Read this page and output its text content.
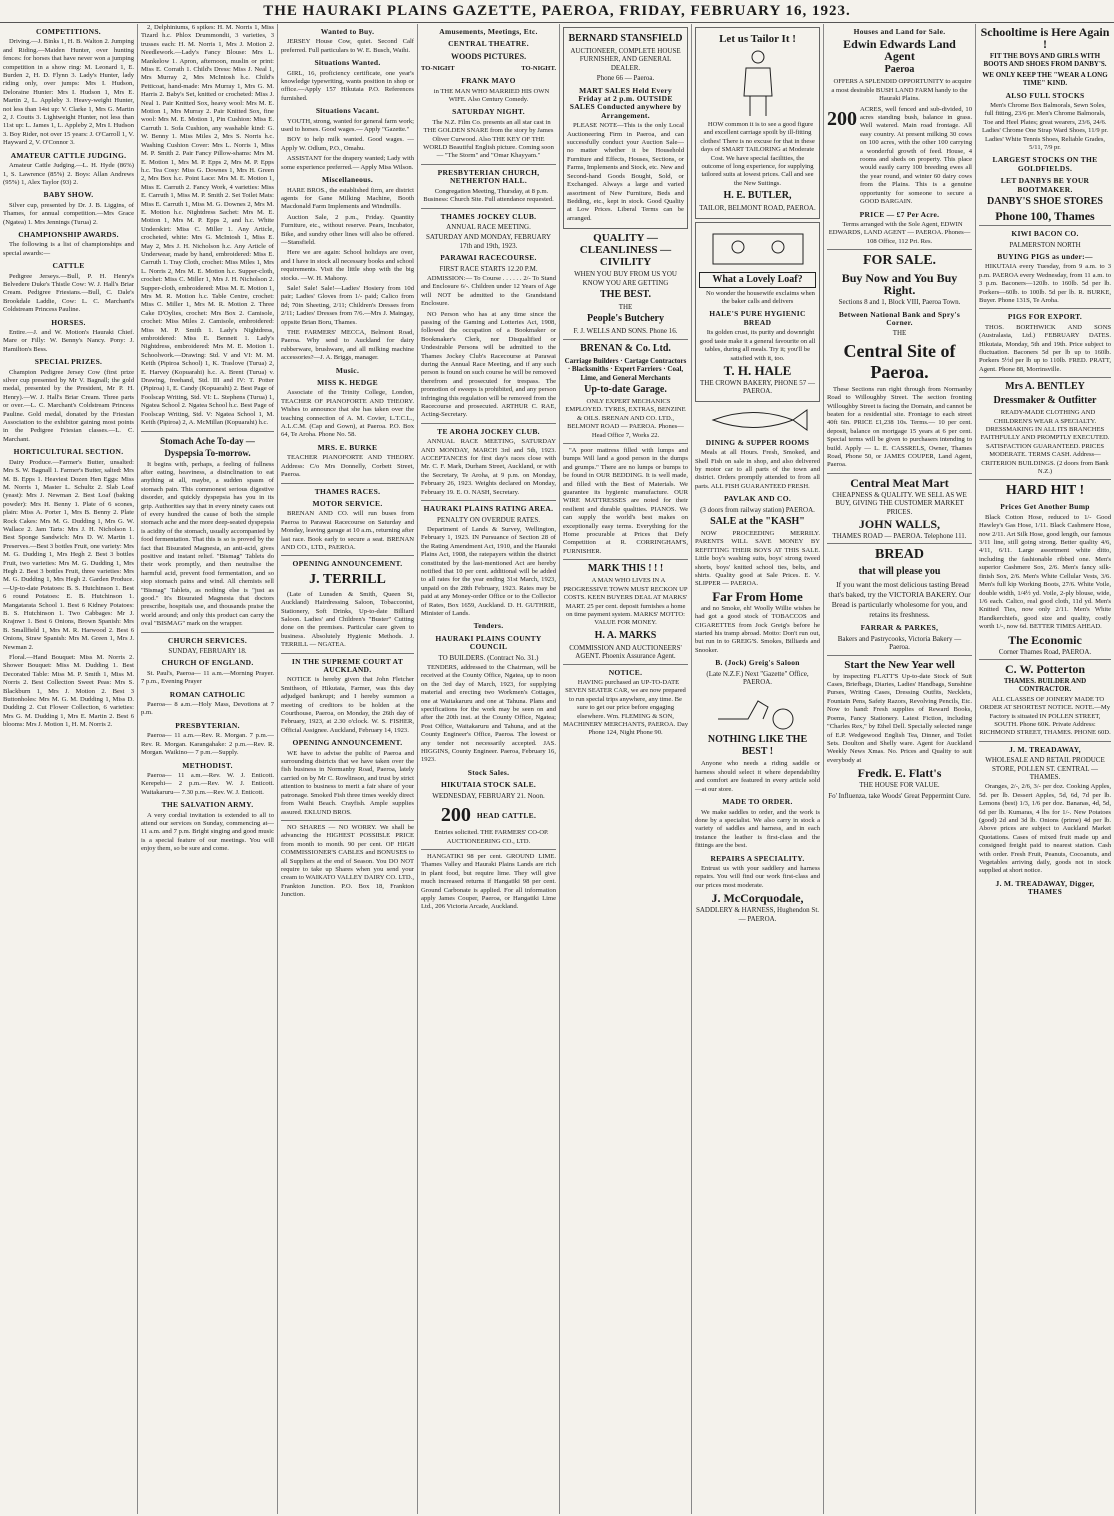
THE HAURAKI PLAINS GAZETTE, PAEROA, FRIDAY, FEBRUARY 16, 1923.
COMPETITIONS.

Driving.—J. Binks 1, H. B. Walton 2. Jumping and Riding.—Maiden Hunter, over hunting fences: for horses that have never won a jumping competition in a show ring: M. Leonard 1, E. Burden 2, H. D. Flynn 3. Lady's Hunter, lady riding only, over jumps: Mrs I. Hudson, Deloraine Hunter: Mrs I. Hudson 1, Mrs E. Martin 2, L. Appleby 3. Heavy-weight Hunter, not less than 14st up: V. Clarke 1, Mrs G. Martin 2, J. Coutts 3. Lightweight Hunter, not less than 11st up: L. James 1, L. Appleby 2, Mrs I. Hudson 3. Boy Rider, not over 15 years: J. O'Carroll 1, V. Hayward 2, V. O'Connor 3.

AMATEUR CATTLE JUDGING.

Amateur Cattle Judging.—L. H. Hyde (86%) 1, S. Lawrence (85%) 2. Boys: Allan Andrews (95%) 1, Alex Taylor (93) 2.

BABY SHOW.

Silver cup, presented by Dr. J. B. Liggins, of Thames, for annual competition.—Mrs Grace (Ngatea) 1. Mrs Jennings (Turua) 2.

CHAMPIONSHIP AWARDS.

The following is a list of championships and special awards:—

CATTLE

Pedigree Jerseys.—Bull, P. H. Henry's Belvedere Duke's Thistle Cow: W. J. Hall's Briar Cream. Pedigree Friesians.—Bull, C. Dale's Brookdale Laddie, Cow: L. C. Marchant's Coldstream Princess Pauline.

HORSES.

Entire.—J. and W. Motion's Hauraki Chief. Mare or Filly: W. Benny's Nancy. Pony: J. Hamilton's Bess.

SPECIAL PRIZES.

Champion Pedigree Jersey Cow (first prize silver cup presented by Mr V. Bagnall; the gold medal, presented by the President, Mr P. H. Henry).—W. J. Hall's Briar Cream. Three parts or over.—L. C. Marchant's Coldstream Princess Pauline. Gold medal, donated by the Friesian Association to the exhibitor gaining most points in the Pedigree Friesian classes.—L. C. Marchant.

HORTICULTURAL SECTION.

Dairy Produce.—Farmer's Butter, unsalted: Mrs S. W. Bagnall 1. Farmer's Butter, salted: Mrs M. B. Epps 1. Heaviest Dozen Hen Eggs: Miss M. Norris 1, Master L. Schultz 2. Slab Loaf (yeast): Mrs J. Newman 2. Best Loaf (baking powder): Mrs H. Benny 1. Plate of 6 scones, plain: Miss A. Porter 1, Mrs B. Benny 2. Plate Rock Cakes: Mrs M. G. Dudding 1, Mrs G. W. Wallace 2. Jam Tarts: Mrs J. H. Nicholson 1. Best Sponge Sandwich: Mrs D. W. Martin 1. Preserves.—Best 3 bottles Fruit, one variety: Mrs M. G. Dudding 1, Mrs Hegh 2. Best 3 bottles Fruit, two varieties: Mrs M. G. Dudding 1, Mrs Hegh 2. Best 3 bottles Fruit, three varieties: Mrs M. G. Dudding 1, Mrs Hegh 2. Garden Produce.—Up-to-date Potatoes: B. S. Hutchinson 1. Best 6 round Potatoes: E. B. Hutchinson 1. Mangatarata School 1. Best 6 Kidney Potatoes: B. S. Hutchinson 1. Two Cabbages: Mr J. Krajnwr 1. Best 6 Onions, Brown Spanish: Mrs B. Smallfield 1, Mrs M. R. Harwood 2. Best 6 Onions, Straw Spanish: Mrs M. Green 1, Mrs J. Newman 2.

Floral.—Hand Bouquet: Miss M. Norris 2. Shower Bouquet: Miss M. Dudding 1. Best Decorated Table: Miss M. P. Smith 1, Miss M. Norris 2. Best Collection Sweet Peas: Mrs S. Blackburn 1, Mrs J. Motion 2. Best 3 Buttonholes: Mrs M. G. M. Dudding 1, Miss D. Dudding 2. Cut Flower Collection, 6 varieties: Mrs G. M. Dudding 1, Mrs E. Martin 2. Best 6 blooms: Mrs J. Motion 1, H. M. Norris 2.

2, Delphiniums, 6 spikes: H. M. Norris 1, Miss Tizard h.c. Phlox Drummondii, 3 varieties, 3 trusses each: H. M. Norris 1, Mrs J. Motion 2. Needlework.—Lady's Fancy Blouse: Mrs L. Mankelow 1. Apron, afternoon, muslin or print: Miss E. Corrath 1. Child's Dress: Miss J. Neal 1, Mrs Murray 2, Mrs McIntosh h.c. Child's Petticoat, hand-made: Mrs Murray 1, Mrs G. M. Harris 2. Baby's Set, knitted or crocheted: Miss J. Neal 1. Pair Knitted Sox, heavy wool: Mrs M. E. Motion 1, Mrs Murray 2. Pair Knitted Sox, fine wool: Mrs M. E. Motion 1, Pin Cushion: Miss E. Carruth 1. Sofa Cushion, any washable kind: G. W. Benny 1. Miss Miles 2, Mrs S. Norris h.c. Washing Cushion Cover: Mrs L. Norris 1, Miss M. P. Smith 2. Pair Fancy Pillow-shams: Mrs M. E. Motion 1, Mrs M. P. Epps 2, Mrs M. P. Epps h.c. Tea Cosy: Miss G. Downes 1, Mrs H. Green 2, Mrs Box h.c. Point Lace: Mrs M. E. Motion 1, Miss E. Carruth 2. Fancy Work, 4 varieties: Miss E. Carruth 1, Miss M. P. Smith 2. Set Toilet Mats: Miss E. Carruth 1, Miss M. G. Downes 2, Mrs M. E. Motion h.c. Nightdress Sachet: Mrs M. E. Motion 1, Mrs M. P. Epps 2, and h.c. White Underskirt: Miss C. Miller 1. Any Article, crocheted, white: Mrs G. McIntosh 1, Miss E. May 2, Mrs J. H. Nicholson h.c. Any Article of Underwear, made by hand, embroidered: Miss E. Carruth 1. Tray Cloth, crochet: Miss Miles 1, Mrs L. Norris 2, Mrs M. E. Motion h.c. Supper-cloth, crochet: Miss C. Miller 1, Mrs J. H. Nicholson 2. Supper-cloth, embroidered: Miss M. E. Motion 1, Mrs M. R. Motion h.c. Table Centre, crochet: Miss C. Miller 1, Mrs M. R. Motion 2. Three Cake D'Oylies, crochet: Mrs Box 2. Camisole, crochet: Miss Miles 2. Camisole, embroidered: Miss M. P. Smith 1. Lady's Nightdress, embroidered: Miss E. Bennett 1. Lady's Nightdress, embroidered: Mrs M. E. Motion 1. Schoolwork.—Drawing: Std. V and VI: M. M. Keith (Pipiroa School) 1, K. Traslove (Turua) 2, E. Harvey (Kopuarahi) h.c. A. Brent (Turua) v. Drawing, freehand, Std. III and IV: T. Potter (Pipiroa) 1, E. Candy (Kopuarahi) 2. Best Page of Foolscap Writing, Std. VI: L. Stephens (Turua) 1, Ngatea School 2. Ngatea School h.c. Best Page of Foolscap Writing, Std. V: Ngatea School 1, M. Keith (Pipiroa) 2, A. McMillan (Kopuarahi) h.c.

Stomach Ache To-day — Dyspepsia To-morrow.

It begins with, perhaps, a feeling of fullness after eating, heaviness, a disinclination to eat anything at all, maybe, a sudden spasm of stomach pain. This commonest serious digestive disorder, and quickly dyspepsia has you in its grip. Authorities say that in every ninety cases out of every hundred the cause of both the simple stomach ache and the more deep-seated dyspepsia is acidity of the stomach, usually accompanied by food fermentation. That this is so is proved by the fact that Bisurated Magnesia, an anti-acid, gives positive and instant relief. "Bismag" Tablets do their work promptly, and then neutralise the harmful acid, prevent food fermentation, and so stop stomach pains and wind. All chemists sell "Bismag" Tablets, as nothing else is "just as good." It's Bisurated Magnesia that doctors prescribe, hospitals use, and thousands praise the world around; and only this product can carry the oval "BISMAG" mark on the wrapper.

CHURCH SERVICES.
SUNDAY, FEBRUARY 18.
CHURCH OF ENGLAND.

St. Paul's, Paeroa— 11 a.m.—Morning Prayer. 7 p.m., Evening Prayer

ROMAN CATHOLIC

Paeroa— 8 a.m.—Holy Mass, Devotions at 7 p.m.

PRESBYTERIAN.

Paeroa— 11 a.m.—Rev. R. Morgan. 7 p.m.—Rev. R. Morgan. Karangahake: 2 p.m.—Rev. R. Morgan. Waikino— 7 p.m.—Supply.

METHODIST.

Paeroa— 11 a.m.—Rev. W. J. Enticott. Kerepehi— 2 p.m.—Rev. W. J. Enticott. Waitakaruru— 7.30 p.m.—Rev. W. J. Enticott.

THE SALVATION ARMY.

A very cordial invitation is extended to all to attend our services on Sunday, commencing at— 11 a.m. and 7 p.m. Bright singing and good music is a special feature of our meetings. You will enjoy them, so be sure and come.

Wanted to Buy.

JERSEY House Cow, quiet. Second Calf preferred. Full particulars to W. E. Busch, Waihi.

Situations Wanted.

GIRL, 16, proficiency certificate, one year's knowledge typewriting, wants position in shop or office.—Apply 157 Hikutaia P.O. References furnished.

Situations Vacant.

YOUTH, strong, wanted for general farm work; used to horses. Good wages.— Apply "Gazette."

BOY to help milk wanted. Good wages. — Apply W. Odlum, P.O., Omahu.

ASSISTANT for the drapery wanted; Lady with some experience preferred.— Apply Miss Wilson.

Miscellaneous.

HARE BROS., the established firm, are district agents for Gane Milking Machine, Booth Macdonald Farm Implements and Windmills.

Auction Sale, 2 p.m., Friday. Quantity Furniture, etc., without reserve. Pears, Incubator, Bike, and sundry other lines will also be offered.—Stansfield.

Here we are again: School holidays are over, and I have in stock all necessary books and school requirements. Visit the little shop with the big stocks. —W. H. Mahony.

Sale! Sale! Sale!—Ladies' Hosiery from 10d pair; Ladies' Gloves from 1/- paid; Calico from 8d; 70in Sheeting, 2/11; Children's Dresses from 2/11; Ladies' Dresses from 7/6.—Mrs J. Maingay, oppsite Brian Boru, Thames.

THE FARMERS' MECCA, Belmont Road, Paeroa. Why send to Auckland for dairy rubberware, brushware, and all milking machine accessories?—J. A. Briggs, manager.

Music.
MISS K. HEDGE

Associate of the Trinity College, London, TEACHER OF PIANOFORTE AND THEORY. Wishes to announce that she has taken over the teaching connection of A. M. Covier, L.T.C.L., A.L.C.M. (Cap and Gown), at Paeroa. P.O. Box 64, Te Aroha. Phone No. 58.

MRS. E. BURKE

TEACHER PIANOFORTE AND THEORY. Address: C/o Mrs Donnelly, Corbett Street, Paeroa.

THAMES RACES.
MOTOR SERVICE.

BRENAN AND CO. will run buses from Paeroa to Parawai Racecourse on Saturday and Monday, leaving garage at 10 a.m., returning after last race. Book early to secure a seat. BRENAN AND CO., LTD., PAEROA.

OPENING ANNOUNCEMENT.
J. TERRILL

(Late of Lunsden & Smith, Queen St, Auckland) Hairdressing Saloon, Tobacconist, Stationery, Soft Drinks, Up-to-date Billiard Saloon. Ladies' and Children's "Buster" Cutting done on the premises. Particular care given to business. Absolutely Hygienic Methods. J. TERRILL — NGATEA.

IN THE SUPREME COURT AT AUCKLAND.

NOTICE is hereby given that John Fletcher Smithson, of Hikutaia, Farmer, was this day adjudged bankrupt; and I hereby summon a meeting of creditors to be holden at the Courthouse, Paeroa, on Monday, the 26th day of February, 1923, at 2.30 o'clock. W. S. FISHER, Official Assignee. Auckland, February 14, 1923.

OPENING ANNOUNCEMENT.

WE have to advise the public of Paeroa and surrounding districts that we have taken over the fish business in Normanby Road, Paeroa, lately carried on by Mr C. Rowlinson, and trust by strict attention to business to merit a fair share of your patronage. Smoked Fish three times weekly direct from Waihi Beach. Crayfish. Ample supplies assured. EKLUND BROS.

NO SHARES — NO WORRY. We shall be advancing the HIGHEST POSSIBLE PRICE from month to month. 90 per cent. OF HIGH COMMISSIONER'S CABLES and BONUSES to all Suppliers at the end of Season. You DO NOT require to take up Shares when you send your cream to WAIKATO VALLEY DAIRY CO. LTD., Frankton Junction. P.O. Box 18, Frankton Junction.

Amusements, Meetings, Etc.
CENTRAL THEATRE.
WOODS PICTURES.
TO-NIGHT	TO-NIGHT.
FRANK MAYO

in THE MAN WHO MARRIED HIS OWN WIFE. Also Century Comedy.

SATURDAY NIGHT.

The N.Z. Film Co. presents an all star cast in THE GOLDEN SNARE from the story by James Oliver Curwood. Also THE KEY OF THE WORLD Beautiful English picture. Coming soon — "The Storm" and "Omar Khayyam."

PRESBYTERIAN CHURCH, NETHERTON HALL.

Congregation Meeting, Thursday, at 8 p.m. Business: Church Site. Full attendance requested.

THAMES JOCKEY CLUB.
ANNUAL RACE MEETING.
SATURDAY AND MONDAY, FEBRUARY 17th and 19th, 1923.
PARAWAI RACECOURSE.
FIRST RACE STARTS 12.20 P.M.

ADMISSION:— To Course . . . . . . 2/- To Stand and Enclosure 6/-. Children under 12 Years of Age will NOT be admitted to the Grandstand Enclosure.

NO Person who has at any time since the passing of the Gaming and Lotteries Act, 1908, followed the occupation of a Bookmaker or Bookmaker's Clerk, nor Disqualified or Undesirable Persons will be admitted to the Thames Jockey Club's Racecourse at Parawai during the Annual Race Meeting, and if any such person is found on such course he will be removed therefrom and prosecuted for trespass. The promotion of sweeps is prohibited, and any person infringing this regulation will be removed from the Racecourse and prosecuted. ARTHUR C. RAE, Acting-Secretary.

TE AROHA JOCKEY CLUB.

ANNUAL RACE MEETING, SATURDAY AND MONDAY, MARCH 3rd and 5th, 1923. ACCEPTANCES for first day's races close with Mr. C. F. Mark, Durham Street, Auckland, or with the Secretary, Te Aroha, at 9 p.m. on Monday, February 26, 1923. Weights declared on Monday, February 19. E. O. NASH, Secretary.

HAURAKI PLAINS RATING AREA.
PENALTY ON OVERDUE RATES.

Department of Lands & Survey, Wellington, February 1, 1923. IN Pursuance of Section 28 of the Rating Amendment Act, 1910, and the Hauraki Plains Act, 1908, the ratepayers within the district constituted by the last-mentioned Act are hereby notified that 10 per cent. additional will be added to all rates for the year ending 31st March, 1923, unpaid on the 28th February, 1923. Rates may be paid at any Money-order Office or to the Collector of Rates, Box 1659, Auckland. D. H. GUTHRIE, Minister of Lands.

Tenders.
HAURAKI PLAINS COUNTY COUNCIL
TO BUILDERS. (Contract No. 31.)

TENDERS, addressed to the Chairman, will be received at the County Office, Ngatea, up to noon on the 3rd day of March, 1923, for supplying material and erecting two Workmen's Cottages, one at Waitakaruru and one at Tahuna. Plans and specifications for the work may be seen on and after the 20th inst. at the County Office, Ngatea; Post Office, Waitakaruru and Tahuna, and at the County Engineer's Office, Paeroa. The lowest or any tender not necessarily accepted. JAS. HIGGINS, County Engineer. Paeroa, February 16, 1923.

Stock Sales.
HIKUTAIA STOCK SALE.
WEDNESDAY, FEBRUARY 21. Noon.
200 HEAD CATTLE.

Entries solicited. THE FARMERS' CO-OP. AUCTIONEERING CO., LTD.

HANGATIKI 98 per cent. GROUND LIME. Thames Valley and Hauraki Plains Lands are rich in plant food, but require lime. They will give much increased returns if Hangatiki 98 per cent. Ground Carbonate is applied. For all information apply James Couper, Paeroa, or Hangatiki Lime Ltd., 206 Victoria Arcade, Auckland.

BERNARD STANSFIELD
AUCTIONEER, COMPLETE HOUSE FURNISHER, AND GENERAL DEALER.
Phone 66 — Paeroa.
MART SALES Held Every Friday at 2 p.m. OUTSIDE SALES Conducted anywhere by Arrangement.

PLEASE NOTE—This is the only Local Auctioneering Firm in Paeroa, and can successfully conduct your Auction Sale—no matter whether it be Household Furniture and Effects, Houses, Sections, or Farms, Implements and Stock, etc. New and Second-hand Goods Bought, Sold, or Exchanged. Always a large and varied assortment of New Furniture, Beds and Bedding, etc., kept in stock. Good Quality at Low Prices. Liberal Terms can be arranged.

QUALITY — CLEANLINESS — CIVILITY
WHEN YOU BUY FROM US YOU KNOW YOU ARE GETTING
THE BEST.
THE
People's Butchery
F. J. WELLS AND SONS. Phone 16.
BRENAN & Co. Ltd.
Carriage Builders · Cartage Contractors · Blacksmiths · Expert Farriers · Coal, Lime, and General Merchants
Up-to-date Garage.

ONLY EXPERT MECHANICS EMPLOYED. TYRES, EXTRAS, BENZINE & OILS. BRENAN AND CO. LTD., BELMONT ROAD — PAEROA. Phones— Head Office 7, Works 22.

"A poor mattress filled with lumps and bumps Will land a good person in the dumps and grumps." There are no lumps or bumps to be found in OUR BEDDING. It is well made, and filled with the Best of Materials. We guarantee its hygienic manufacture. OUR WIRE MATTRESSES are noted for their resilient and durable qualities. PIANOS. We can supply the world's best makes on exceptionally easy terms. Everything for the Home procurable at Prices that Defy Competition at R. CORRINGHAM'S, FURNISHER.

MARK THIS ! ! !

A MAN WHO LIVES IN A PROGRESSIVE TOWN MUST RECKON UP COSTS. KEEN BUYERS DEAL AT MARKS' MART. 25 per cent. deposit furnishes a home on time payment system. MARKS' MOTTO: VALUE FOR MONEY.

H. A. MARKS
COMMISSION AND AUCTIONEERS' AGENT. Phoenix Assurance Agent.
NOTICE.

HAVING purchased an UP-TO-DATE SEVEN SEATER CAR, we are now prepared to run special trips anywhere, any time. Be sure to get our price before engaging elsewhere. Wm. FLEMING & SON, MACHINERY MERCHANTS, PAEROA. Day Phone 124, Night Phone 90.

Let us Tailor It !

HOW common it is to see a good figure and excellent carriage spoilt by ill-fitting clothes! There is no excuse for that in these days of SMART TAILORING at Moderate Cost. We have special facilities, the outcome of long experience, for supplying tailored suits at lowest prices. Call and see the New Suitings.

H. E. BUTLER,
TAILOR, BELMONT ROAD, PAEROA.
What a Lovely Loaf?

No wonder the housewife exclaims when the baker calls and delivers

HALE'S PURE HYGIENIC BREAD

Its golden crust, its purity and downright good taste make it a general favourite on all tables, during all meals. Try it; you'll be satisfied with it, too.

T. H. HALE
THE CROWN BAKERY, PHONE 57 — PAEROA.
DINING & SUPPER ROOMS

Meals at all Hours. Fresh, Smoked, and Shell Fish on sale in shop, and also delivered by motor car to all parts of the town and district. Orders promptly attended to from all parts. ALL FISH GUARANTEED FRESH.

PAVLAK AND CO.
(3 doors from railway station) PAEROA.
SALE at the "KASH"

NOW PROCEEDING MERRILY. PARENTS WILL SAVE MONEY BY REFITTING THEIR BOYS AT THIS SALE. Little boy's washing suits, boys' strong tweed shorts, boys' knitted school ties, belts, and shirts. Quality good at Sale Prices. E. V. SLIPPER — PAEROA.

Far From Home

and no Smoke, eh! Woolly Willie wishes he had got a good stock of TOBACCOS and CIGARETTES from Jock Greig's before he started his tramp abroad. Motto: Don't run out, but run in to GREIG'S. Smokes, Billiards and Snooker.

B. (Jock) Greig's Saloon
(Late N.Z.F.) Next "Gazette" Office, PAEROA.
NOTHING LIKE THE BEST !

Anyone who needs a riding saddle or harness should select it where dependability and comfort are featured in every article sold—at our store.

MADE TO ORDER.

We make saddles to order, and the work is done by a specialist. We also carry in stock a variety of saddles and harness, and in each instance the leather is first-class and the fittings are the best.

REPAIRS A SPECIALITY.

Entrust us with your saddlery and harness repairs. You will find our work first-class and our prices most moderate.

J. McCorquodale,
SADDLERY & HARNESS, Hughendon St. — PAEROA.
Houses and Land for Sale.
Edwin Edwards Land Agent
Paeroa

OFFERS A SPLENDID OPPORTUNITY to acquire a most desirable BUSH LAND FARM handy to the Hauraki Plains.

200 ACRES, well fenced and sub-divided, 10 acres standing bush, balance in grass. Well watered. Main road frontage. All easy country. At present milking 30 cows on 100 acres, with the other 100 carrying a wonderful growth of feed. House, 4 rooms and sheds on property. This place would easily carry 100 breeding ewes all the year round, and winter 60 dairy cows from the Plains. This is a genuine opportunity for someone to secure a GOOD BARGAIN.
PRICE — £7 Per Acre.

Terms arranged with the Sole Agent, EDWIN EDWARDS, LAND AGENT — PAEROA. Phones— 108 Office, 112 Pri. Res.

FOR SALE.
Buy Now and You Buy Right.
Sections 8 and 1, Block VIII, Paeroa Town.
Between National Bank and Spry's Corner.
THE
Central Site of Paeroa.

These Sections run right through from Normanby Road to Willoughby Street. The section fronting Willoughby Street is facing the Domain, and cannot be beaten for a residential site. Frontage to each street 40ft 6in. PRICE £1,238 10s. Terms.— 10 per cent. deposit, balance on mortgage 15 years at 6 per cent. Special terms will be given to purchasers intending to build. Apply — L. E. CASSRELS, Owner, Thames Road, Phone 50, or JAMES COUPER, Land Agent, Paeroa.

Central Meat Mart
CHEAPNESS & QUALITY. WE SELL AS WE BUY, GIVING THE CUSTOMER MARKET PRICES.
JOHN WALLS,
THAMES ROAD — PAEROA. Telephone 111.
BREAD
that will please you

If you want the most delicious tasting Bread that's baked, try the VICTORIA BAKERY. Our Bread is particularly wholesome for you, and retains its freshness.

FARRAR & PARKES,
Bakers and Pastrycooks, Victoria Bakery — Paeroa.
Start the New Year well

by inspecting FLATT'S Up-to-date Stock of Suit Cases, Briefbags, Diaries, Ladies' Handbags, Sunshine Purses, Writing Cases, Dressing Outfits, Necklets, Fountain Pens, Safety Razors, Revolving Pencils, Etc. Now to hand: Fresh supplies of Reward Books, Poems, Fancy Stationery. Latest Fiction, including "Charles Rex," by Ethel Dell. Specially selected range of E.P. Wedgewood English Tea, Dinner, and Toilet Sets. Doulton and Shelly ware. Agent for Auckland Weekly News Xmas. No. Prices and Quality to suit everybody at

Fredk. E. Flatt's
THE HOUSE FOR VALUE.
Fo' Influenza, take Woods' Great Peppermint Cure.
Schooltime is Here Again !
FIT THE BOYS AND GIRLS WITH BOOTS AND SHOES FROM DANBY'S.
WE ONLY KEEP THE "WEAR A LONG TIME" KIND.
ALSO FULL STOCKS

Men's Chrome Box Balmorals, Sewn Soles, full fitting, 23/6 pr. Men's Chrome Balmorals, Toe and Heel Plates; great wearers, 23/6, 24/6. Ladies' Chrome One Strap Ward Shoes, 11/9 pr. Ladies' White Tennis Shoes, Reliable Grades, 5/11, 7/9 pr.

LARGEST STOCKS ON THE GOLDFIELDS.
LET DANBYS BE YOUR BOOTMAKER.
DANBY'S SHOE STORES
Phone 100, Thames
KIWI BACON CO.
PALMERSTON NORTH
BUYING PIGS as under:—

HIKUTAIA every Tuesday, from 9 a.m. to 3 p.m. PAEROA every Wednesday, from 11 a.m. to 3 p.m. Baconers—120lb. to 160lb. 5d per lb. Porkers—60lb. to 100lb. 5d per lb. R. BURKE, Buyer. Phone 131S, Te Aroha.

PIGS FOR EXPORT.

THOS. BORTHWICK AND SONS (Australasia, Ltd.) FEBRUARY DATES. Hikutaia, Monday, 5th and 19th. Price subject to fluctuation. Baconers 5d per lb up to 160lb. Porkers 5½d per lb up to 110lb. FRED. PRATT, Agent. Phone 88, Morrinsville.

Mrs A. BENTLEY
Dressmaker & Outfitter

READY-MADE CLOTHING AND CHILDREN'S WEAR A SPECIALTY. DRESSMAKING IN ALL ITS BRANCHES FAITHFULLY AND PROMPTLY EXECUTED. SATISFACTION GUARANTEED. PRICES MODERATE. TERMS CASH. Address— CRITERION BUILDINGS. (2 doors from Bank N.Z.)

HARD HIT !
Prices Get Another Bump

Black Cotton Hose, reduced to 1/- Good Hawley's Gas Hose, 1/11. Black Cashmere Hose, now 2/11. Art Silk Hose, good length, our famous 3/11 line, still going strong. Better quality 4/6, 4/11, 6/11. Large assortment white ditto, including the fashionable ribbed one. Men's superior Cashmere Sox, 2/6. Men's fancy silk-finish Sox, 2/6. Men's White Cellular Vests, 3/6. Men's full kip Working Boots, 27/6. White Voile, double width, 1/4½ yd. Voile, 2-ply blouse, wide, 1/6 each. Calico, real good cloth, 11d yd. Men's Knitted Ties, now only 2/11. Men's White Handkerchiefs, good size and quality, costly worth 1/-, now 6d. BETTER TIMES AHEAD.

The Economic
Corner Thames Road, PAEROA.
C. W. Potterton
THAMES. BUILDER AND CONTRACTOR.

ALL CLASSES OF JOINERY MADE TO ORDER AT SHORTEST NOTICE. NOTE.—My Factory is situated IN POLLEN STREET, SOUTH. Phone 60K. Private Address: RICHMOND STREET, THAMES. PHONE 60D.

J. M. TREADAWAY,
WHOLESALE AND RETAIL PRODUCE STORE, POLLEN ST. CENTRAL — THAMES.

Oranges, 2/-, 2/6, 3/- per doz. Cooking Apples, 5d. per lb. Dessert Apples, 5d, 6d, 7d per lb. Lemons (best) 1/3, 1/6 per doz. Bananas, 4d, 5d, 6d per lb. Kumaras, 4 lbs for 1/-. New Potatoes (good) 2d and 3d lb. Onions (prime) 4d per lb. Above prices are subject to Auckland Market Quotations. Cases of mixed fruit made up and consigned freight paid to nearest station. Cash with order. Fresh Fruit, Peanuts, Cocoanuts, and Vegetables arriving daily, goods not in stock supplied at short notice.

J. M. TREADAWAY, Digger, THAMES
